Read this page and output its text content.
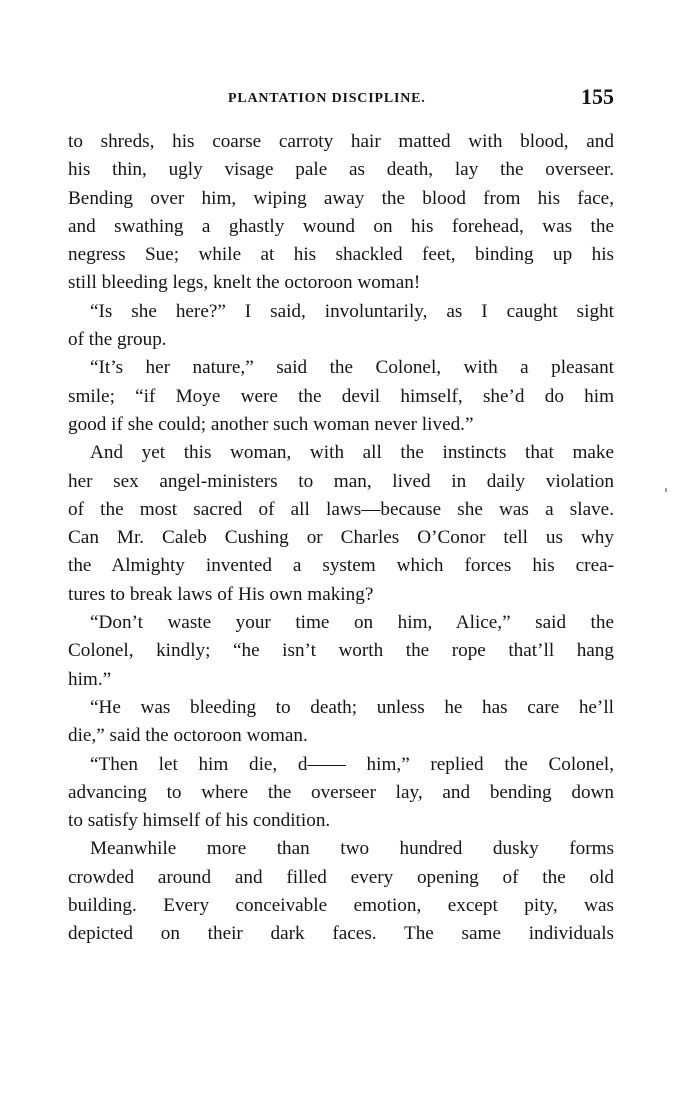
PLANTATION DISCIPLINE.	155
to shreds, his coarse carroty hair matted with blood, and
his thin, ugly visage pale as death, lay the overseer.
Bending over him, wiping away the blood from his face,
and swathing a ghastly wound on his forehead, was the
negress Sue; while at his shackled feet, binding up his
still bleeding legs, knelt the octoroon woman!
“Is she here?” I said, involuntarily, as I caught sight
of the group.
“It’s her nature,” said the Colonel, with a pleasant
smile; “if Moye were the devil himself, she’d do him
good if she could; another such woman never lived.”
And yet this woman, with all the instincts that make
her sex angel-ministers to man, lived in daily violation
of the most sacred of all laws—because she was a slave.
Can Mr. Caleb Cushing or Charles O’Conor tell us why
the Almighty invented a system which forces his crea-
tures to break laws of His own making?
“Don’t waste your time on him, Alice,” said the
Colonel, kindly; “he isn’t worth the rope that’ll hang
him.”
“He was bleeding to death; unless he has care he’ll
die,” said the octoroon woman.
“Then let him die, d—— him,” replied the Colonel,
advancing to where the overseer lay, and bending down
to satisfy himself of his condition.
Meanwhile more than two hundred dusky forms
crowded around and filled every opening of the old
building. Every conceivable emotion, except pity, was
depicted on their dark faces. The same individuals
